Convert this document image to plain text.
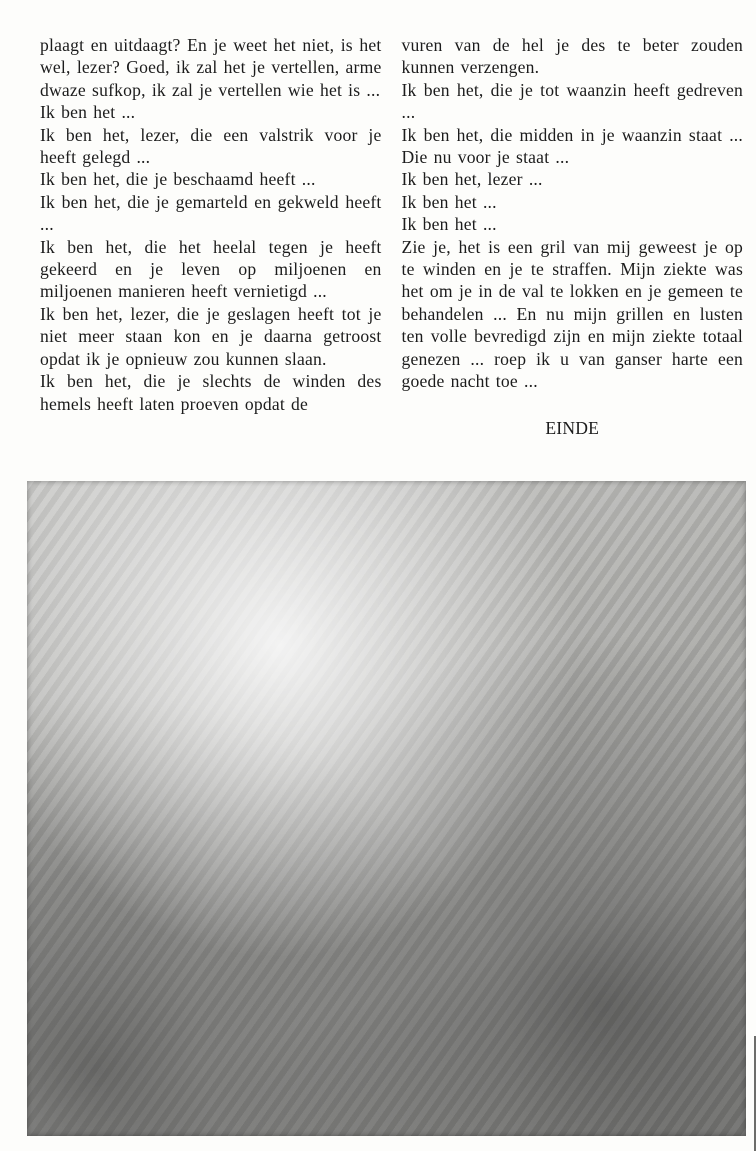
plaagt en uitdaagt? En je weet het niet, is het wel, lezer? Goed, ik zal het je vertellen, arme dwaze sufkop, ik zal je vertellen wie het is ...

Ik ben het ...

Ik ben het, lezer, die een valstrik voor je heeft gelegd ...

Ik ben het, die je beschaamd heeft ...

Ik ben het, die je gemarteld en gekweld heeft ...

Ik ben het, die het heelal tegen je heeft gekeerd en je leven op miljoenen en miljoenen manieren heeft vernietigd ...

Ik ben het, lezer, die je geslagen heeft tot je niet meer staan kon en je daarna getroost opdat ik je opnieuw zou kunnen slaan.

Ik ben het, die je slechts de winden des hemels heeft laten proeven opdat de

vuren van de hel je des te beter zouden kunnen verzengen.

Ik ben het, die je tot waanzin heeft gedreven ...

Ik ben het, die midden in je waanzin staat ... Die nu voor je staat ...

Ik ben het, lezer ...

Ik ben het ...

Ik ben het ...

Zie je, het is een gril van mij geweest je op te winden en je te straffen. Mijn ziekte was het om je in de val te lokken en je gemeen te behandelen ... En nu mijn grillen en lusten ten volle bevredigd zijn en mijn ziekte totaal genezen ... roep ik u van ganser harte een goede nacht toe ...

EINDE
